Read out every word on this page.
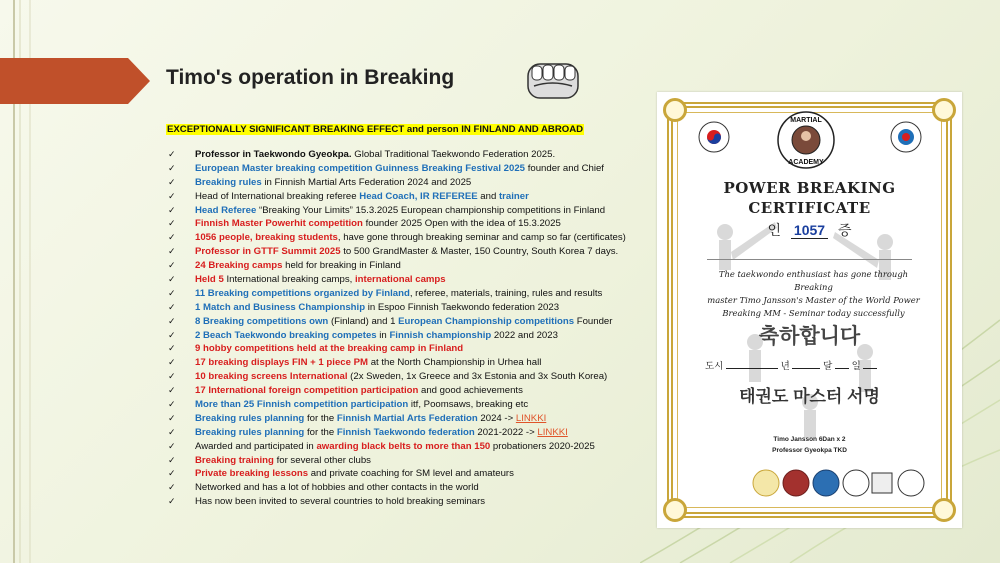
Timo's operation in Breaking
EXCEPTIONALLY SIGNIFICANT BREAKING EFFECT and person IN FINLAND AND ABROAD
✓ Professor in Taekwondo Gyeokpa. Global Traditional Taekwondo Federation 2025.
✓ European Master breaking competition Guinness Breaking Festival 2025 founder and Chief
✓ Breaking rules in Finnish Martial Arts Federation 2024 and 2025
✓ Head of International breaking referee Head Coach, IR REFEREE and trainer
✓ Head Referee “Breaking Your Limits” 15.3.2025 European championship competitions in Finland
✓ Finnish Master Powerhit competition founder 2025 Open with the idea of 15.3.2025
✓ 1056 people, breaking students, have gone through breaking seminar and camp so far (certificates)
✓ Professor in GTTF Summit 2025 to 500 GrandMaster & Master, 150 Country, South Korea 7 days.
✓ 24 Breaking camps held for breaking in Finland
✓ Held 5 International breaking camps, international camps
✓ 11 Breaking competitions organized by Finland, referee, materials, training, rules and results
✓ 1 Match and Business Championship in Espoo Finnish Taekwondo federation 2023
✓ 8 Breaking competitions own (Finland) and 1 European Championship competitions Founder
✓ 2 Beach Taekwondo breaking competes in Finnish championship 2022 and 2023
✓ 9 hobby competitions held at the breaking camp in Finland
✓ 17 breaking displays FIN + 1 piece PM at the North Championship in Urhea hall
✓ 10 breaking screens International (2x Sweden, 1x Greece and 3x Estonia and 3x South Korea)
✓ 17 International foreign competition participation and good achievements
✓ More than 25 Finnish competition participation itf, Poomsaws, breaking etc
✓ Breaking rules planning for the Finnish Martial Arts Federation 2024 -> LINKKI
✓ Breaking rules planning for the Finnish Taekwondo federation 2021-2022 -> LINKKI
✓ Awarded and participated in awarding black belts to more than 150 probationers 2020-2025
✓ Breaking training for several other clubs
✓ Private breaking lessons and private coaching for SM level and amateurs
✓ Networked and has a lot of hobbies and other contacts in the world
✓ Has now been invited to several countries to hold breaking seminars
MARTIAL
ACADEMY
POWER BREAKING
CERTIFICATE
인 1057 증
The taekwondo enthusiast has gone through Breaking
master Timo Jansson's Master of the World Power
Breaking MM - Seminar today successfully
축하합니다
도시	년	달 일
태권도 마스터 서명
Timo Jansson 6Dan x 2
Professor Gyeokpa TKD
